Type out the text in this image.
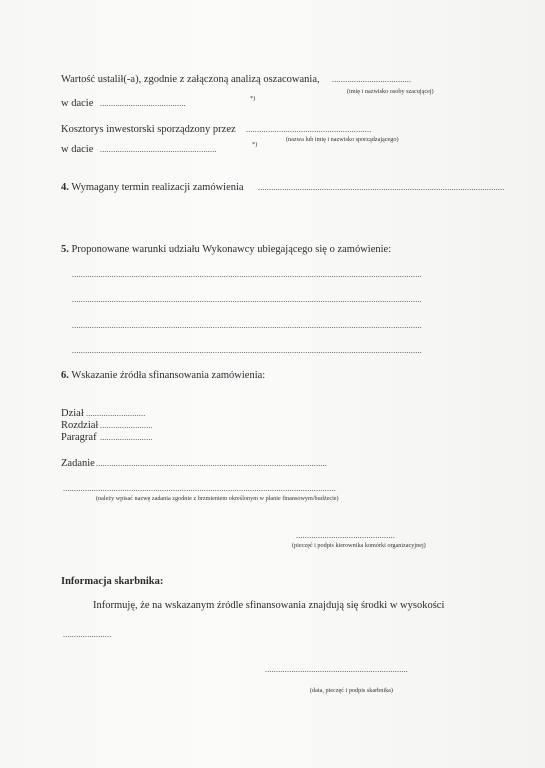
Wartość ustalił(-a), zgodnie z załączoną analizą oszacowania, ....................................
(imię i nazwisko osoby szacującej)
w dacie .......................................
*)
Kosztorys inwestorski sporządzony przez .........................................................
(nazwa lub imię i nazwisko sporządzającego)
w dacie .....................................................
*)
4. Wymagany termin realizacji zamówienia ................................................................................................................
5. Proponowane warunki udziału Wykonawcy ubiegającego się o zamówienie:
...............................................................................................................................................................
...............................................................................................................................................................
...............................................................................................................................................................
...............................................................................................................................................................
6. Wskazanie źródła sfinansowania zamówienia:
Dział ...........................
Rozdział ........................
Paragraf ........................
Zadanie .........................................................................................................
............................................................................................................................
(należy wpisać nazwę zadania zgodnie z brzmieniem określonym w planie finansowym/budżecie)
.............................................
(pieczęć i podpis kierownika komórki organizacyjnej)
Informacja skarbnika:
Informuję, że na wskazanym źródle sfinansowania znajdują się środki w wysokości
......................
.................................................................
(data, pieczęć i podpis skarbnika)
